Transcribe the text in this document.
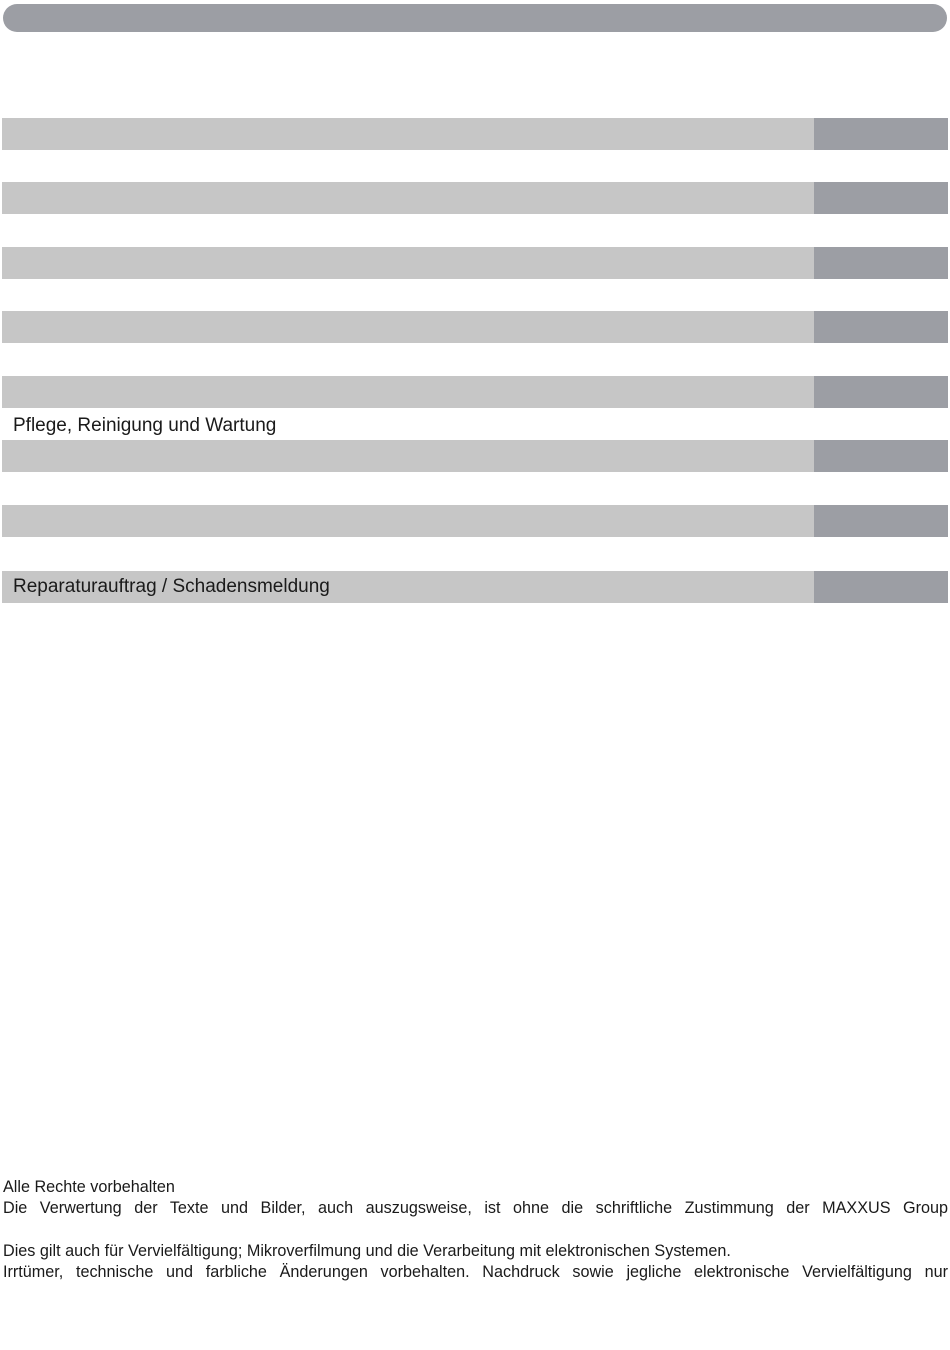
Pflege, Reinigung und Wartung
Reparaturauftrag / Schadensmeldung
Alle Rechte vorbehalten
Die Verwertung der Texte und Bilder, auch auszugsweise, ist ohne die schriftliche Zustimmung der MAXXUS Group
Dies gilt auch für Vervielfältigung; Mikroverfilmung und die Verarbeitung mit elektronischen Systemen.
Irrtümer, technische und farbliche Änderungen vorbehalten. Nachdruck sowie jegliche elektronische Vervielfältigung nur
